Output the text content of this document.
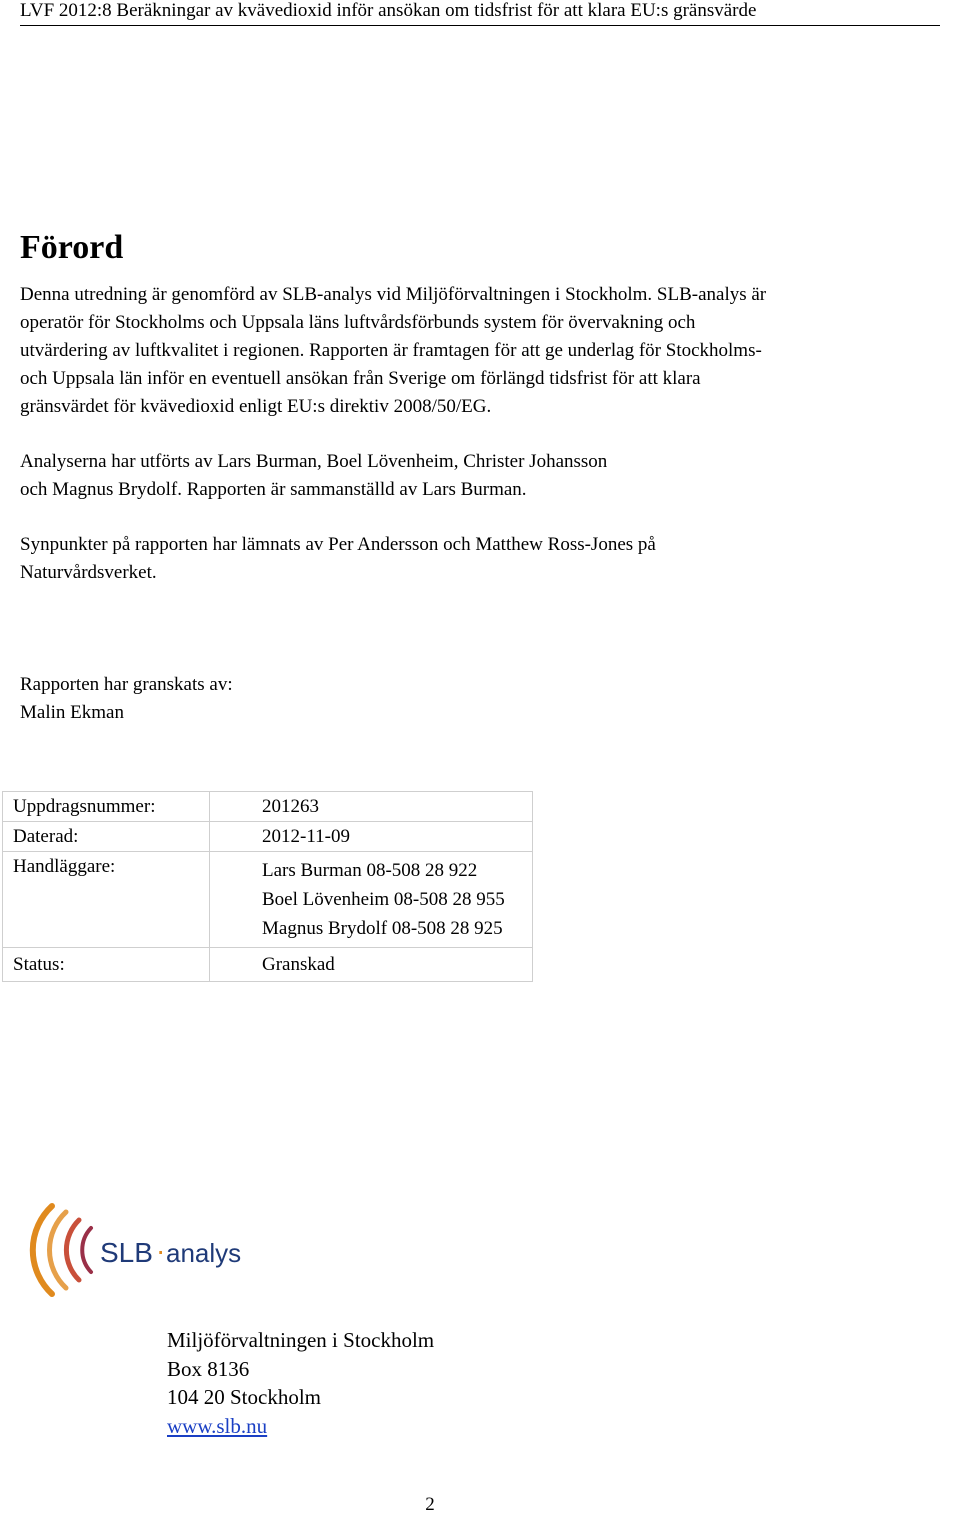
LVF 2012:8 Beräkningar av kvävedioxid inför ansökan om tidsfrist för att klara EU:s gränsvärde
Förord
Denna utredning är genomförd av SLB-analys vid Miljöförvaltningen i Stockholm. SLB-analys är
operatör för Stockholms och Uppsala läns luftvårdsförbunds system för övervakning och
utvärdering av luftkvalitet i regionen. Rapporten är framtagen för att ge underlag för Stockholms-
och Uppsala län inför en eventuell ansökan från Sverige om förlängd tidsfrist för att klara
gränsvärdet för kvävedioxid enligt EU:s direktiv 2008/50/EG.
Analyserna har utförts av Lars Burman, Boel Lövenheim, Christer Johansson
och Magnus Brydolf. Rapporten är sammanställd av Lars Burman.
Synpunkter på rapporten har lämnats av Per Andersson och Matthew Ross-Jones på
Naturvårdsverket.
Rapporten har granskats av:
Malin Ekman
Uppdragsnummer:	201263
Daterad:	2012-11-09
Handläggare:	Lars Burman 08-508 28 922
Boel Lövenheim 08-508 28 955
Magnus Brydolf 08-508 28 925

Status:	Granskad
SLB · analys
Miljöförvaltningen i Stockholm
Box 8136
104 20 Stockholm
www.slb.nu
2
